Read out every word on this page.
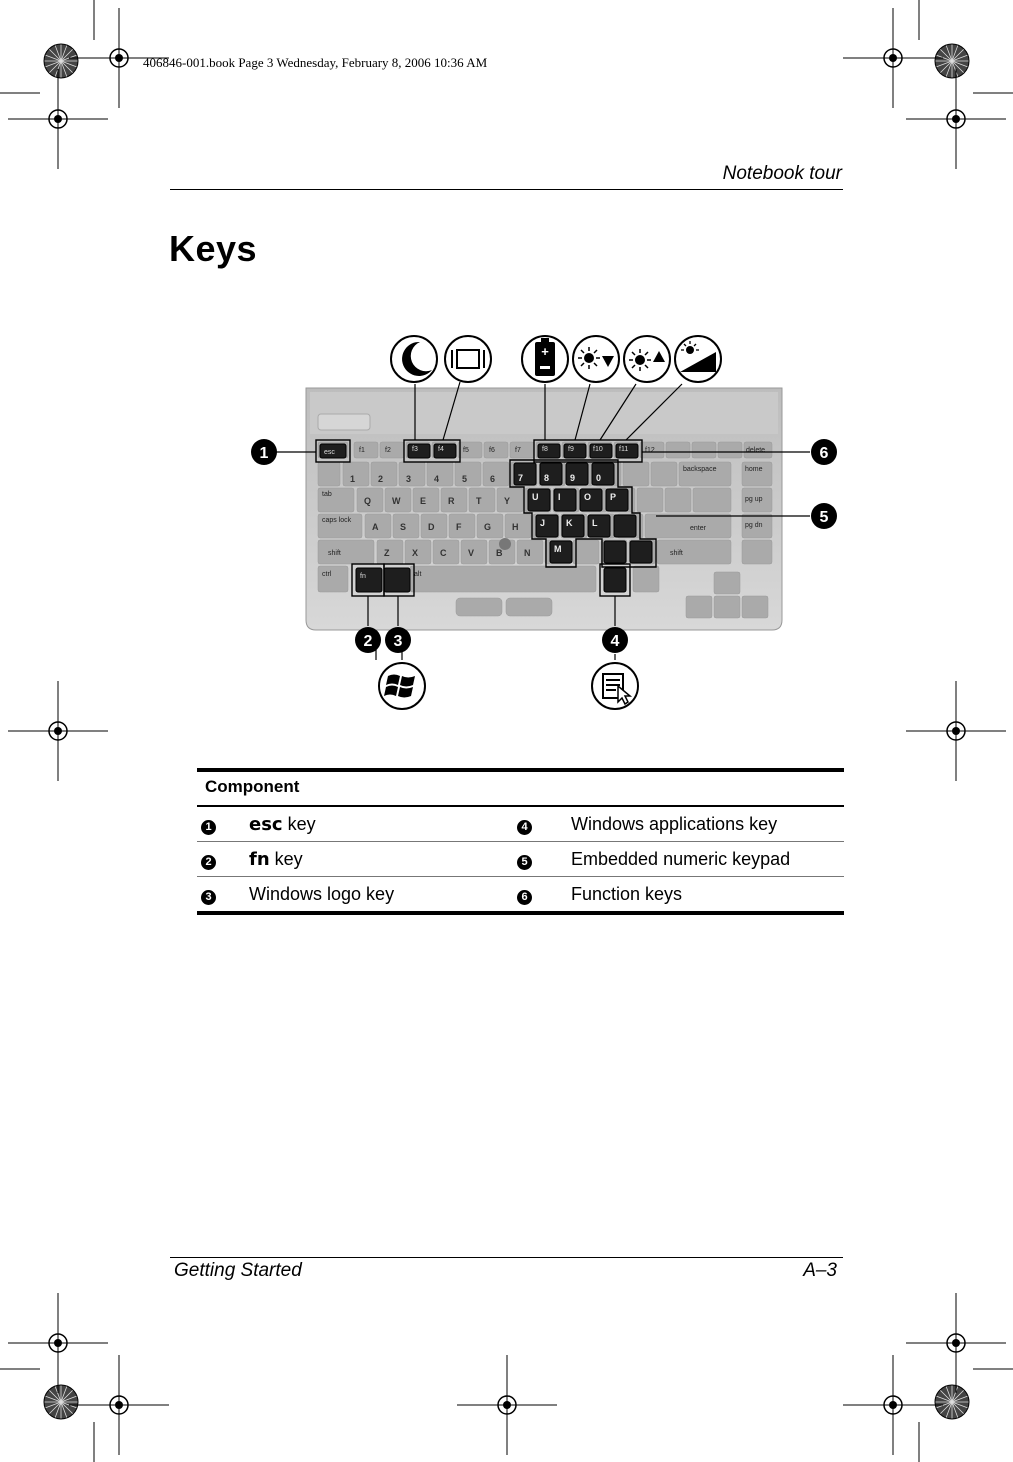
406846-001.book Page 3 Wednesday, February 8, 2006 10:36 AM
Notebook tour
Keys
tab
caps lock
shift
ctrl	alt
backspace
enter
shift
home
pg up
pg dn
delete
f1	f2	f5	f6	f7	f12
esc	f3	f4	f8	f9	f10 f11
fn
1	2	3	4	5	6
Q W E R T	Y
A S D F	G H
Z	X C V B N
7 8 9 0
U I	O P
J K L
M
+
1
2 3	4
5
6
Component			
1	esc key	4	Windows applications key
2	fn key	5	Embedded numeric keypad
3	Windows logo key	6	Function keys
Getting Started	A–3
